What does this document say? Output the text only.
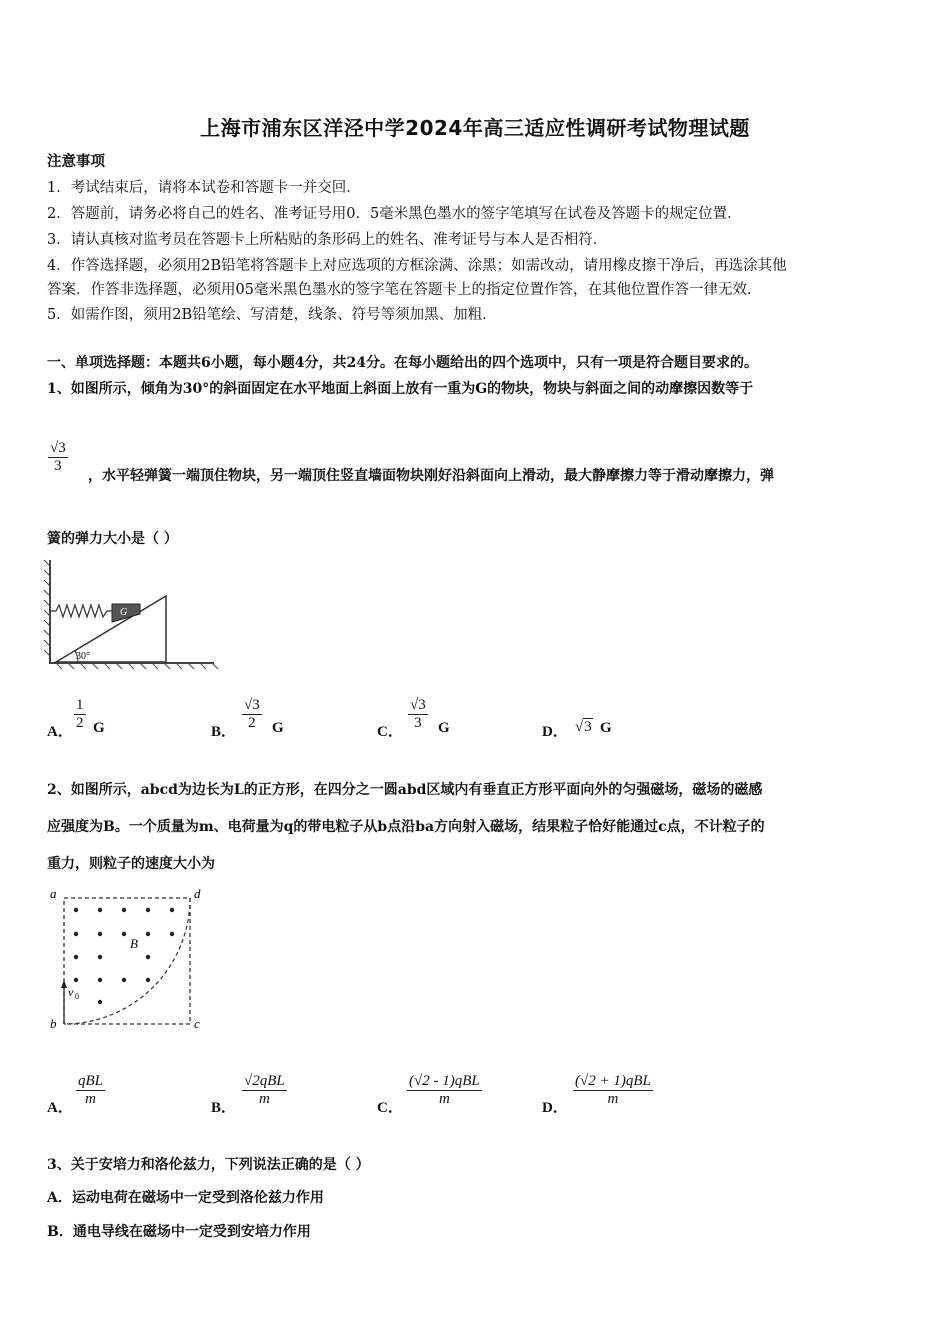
上海市浦东区洋泾中学2024年高三适应性调研考试物理试题
注意事项
1．考试结束后，请将本试卷和答题卡一并交回．
2．答题前，请务必将自己的姓名、准考证号用0．5毫米黑色墨水的签字笔填写在试卷及答题卡的规定位置．
3．请认真核对监考员在答题卡上所粘贴的条形码上的姓名、准考证号与本人是否相符．
4．作答选择题，必须用2B铅笔将答题卡上对应选项的方框涂满、涂黑；如需改动，请用橡皮擦干净后，再选涂其他
答案．作答非选择题，必须用05毫米黑色墨水的签字笔在答题卡上的指定位置作答，在其他位置作答一律无效．
5．如需作图，须用2B铅笔绘、写清楚，线条、符号等须加黑、加粗．
一、单项选择题：本题共6小题，每小题4分，共24分。在每小题给出的四个选项中，只有一项是符合题目要求的。
1、如图所示，倾角为30°的斜面固定在水平地面上斜面上放有一重为G的物块，物块与斜面之间的动摩擦因数等于
√3
3
，水平轻弹簧一端顶住物块，另一端顶住竖直墙面物块刚好沿斜面向上滑动，最大静摩擦力等于滑动摩擦力，弹
簧的弹力大小是（ ）
G
30°
A．
1
2 G	B．
√3
2	G	C．
√3
3	G	D． √3 G
2、如图所示，abcd为边长为L的正方形，在四分之一圆abd区域内有垂直正方形平面向外的匀强磁场，磁场的磁感
应强度为B。一个质量为m、电荷量为q的带电粒子从b点沿ba方向射入磁场，结果粒子恰好能通过c点，不计粒子的
重力，则粒子的速度大小为
a	d
b	c
B
v 0
A．
qBL
m
B．
√2qBL
m
C．
(√2 - 1)qBL
m
D．
(√2 + 1)qBL
m
3、关于安培力和洛伦兹力，下列说法正确的是（ ）
A．运动电荷在磁场中一定受到洛伦兹力作用
B．通电导线在磁场中一定受到安培力作用
